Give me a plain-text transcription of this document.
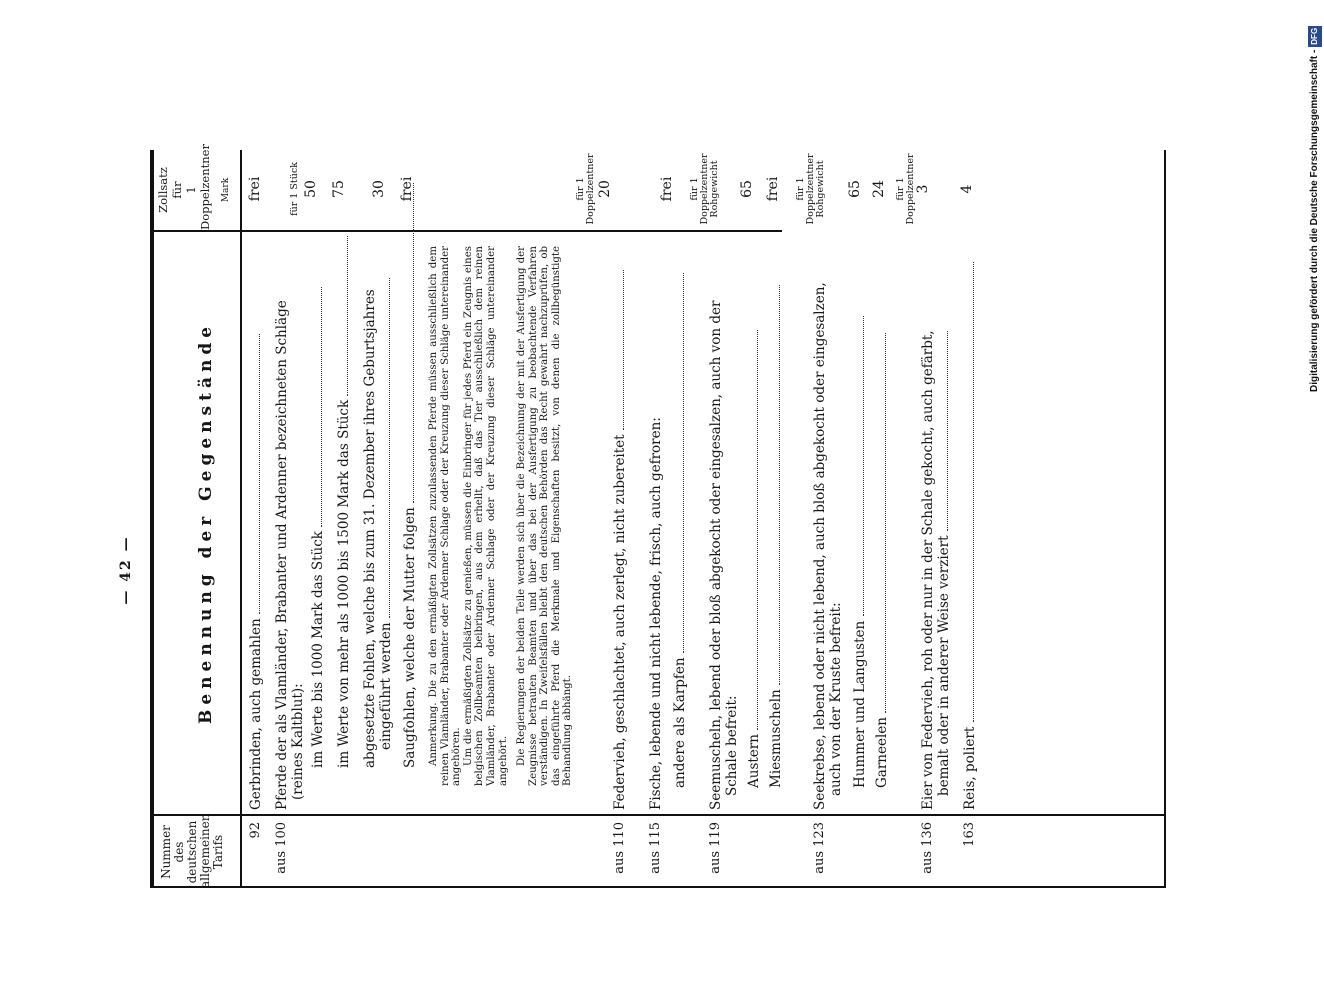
— 42 —
Nummer des deutschen allgemeinen Tarifs
Benennung der Gegenstände
Zollsatz für 1 Doppelzentner Mark
92
Gerbrinden, auch gemahlen
frei
aus 100
Pferde der als Vlamländer, Brabanter und Ardenner bezeichneten Schläge (reines Kaltblut):
für 1 Stück
im Werte bis 1000 Mark das Stück
50
im Werte von mehr als 1000 bis 1500 Mark das Stück
75
abgesetzte Fohlen, welche bis zum 31. Dezember ihres Geburtsjahres eingeführt werden
30
Saugfohlen, welche der Mutter folgen
frei
Anmerkung. Die zu den ermäßigten Zollsätzen zuzulassenden Pferde müssen ausschließlich dem reinen Vlamländer, Brabanter oder Ardenner Schlage oder der Kreuzung dieser Schläge untereinander angehören.
Um die ermäßigten Zollsätze zu genießen, müssen die Einbringer für jedes Pferd ein Zeugnis eines belgischen Zollbeamten beibringen, aus dem erhellt, daß das Tier ausschließlich dem reinen Vlamländer, Brabanter oder Ardenner Schlage oder der Kreuzung dieser Schläge untereinander angehört. Die Regierungen der beiden Teile werden sich über die Bezeichnung der mit der Ausfertigung der Zeugnisse betrauten Beamten und über das bei der Ausfertigung zu beobachtende Verfahren verständigen. In Zweifelsfällen bleibt den deutschen Behörden das Recht gewahrt nachzuprüfen, ob das eingeführte Pferd die Merkmale und Eigenschaften besitzt, von denen die zollbegünstigte Behandlung abhängt.
für 1 Doppelzentner
aus 110
Federvieh, geschlachtet, auch zerlegt, nicht zubereitet
20
aus 115
Fische, lebende und nicht lebende, frisch, auch gefroren: andere als Karpfen
frei für 1 Doppelzentner Rohgewicht
aus 119
Seemuscheln, lebend oder bloß abgekocht oder eingesalzen, auch von der Schale befreit: Austern
65
Miesmuscheln
frei für 1 Doppelzentner Rohgewicht
aus 123
Seekrebse, lebend oder nicht lebend, auch bloß abgekocht oder eingesalzen, auch von der Kruste befreit: Hummer und Langusten
65
Garneelen
24 für 1 Doppelzentner
aus 136
Eier von Federvieh, roh oder nur in der Schale gekocht, auch gefärbt, bemalt oder in anderer Weise verziert
3
163
Reis, poliert
4	Digitalisierung gefördert durch die Deutsche Forschungsgemeinschaft -DFG
